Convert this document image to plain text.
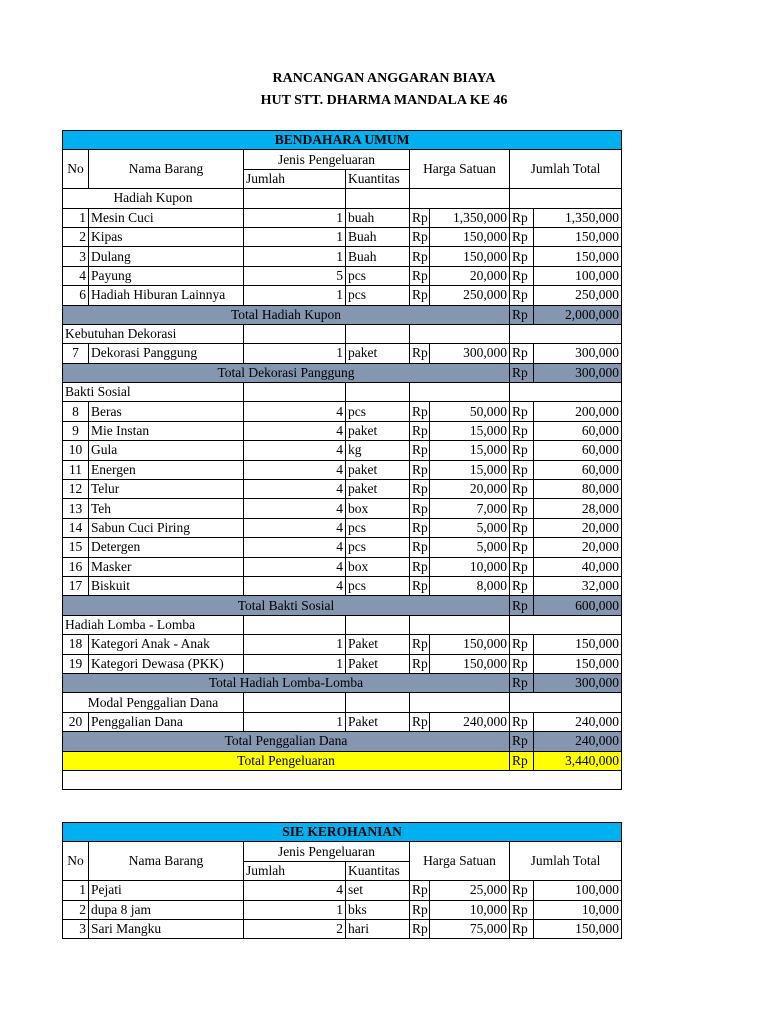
RANCANGAN ANGGARAN BIAYA
HUT STT. DHARMA MANDALA KE 46
BENDAHARA UMUM							
No	Nama Barang	Jenis Pengeluaran		Harga Satuan		Jumlah Total	
		Jumlah	Kuantitas				
Hadiah Kupon							
1	Mesin Cuci	1	buah	Rp	1,350,000	Rp	1,350,000
2	Kipas	1	Buah	Rp	150,000	Rp	150,000
3	Dulang	1	Buah	Rp	150,000	Rp	150,000
4	Payung	5	pcs	Rp	20,000	Rp	100,000
6	Hadiah Hiburan Lainnya	1	pcs	Rp	250,000	Rp	250,000
Total Hadiah Kupon						Rp	2,000,000
Kebutuhan Dekorasi							
7	Dekorasi Panggung	1	paket	Rp	300,000	Rp	300,000
Total Dekorasi Panggung						Rp	300,000
Bakti Sosial							
8	Beras	4	pcs	Rp	50,000	Rp	200,000
9	Mie Instan	4	paket	Rp	15,000	Rp	60,000
10	Gula	4	kg	Rp	15,000	Rp	60,000
11	Energen	4	paket	Rp	15,000	Rp	60,000
12	Telur	4	paket	Rp	20,000	Rp	80,000
13	Teh	4	box	Rp	7,000	Rp	28,000
14	Sabun Cuci Piring	4	pcs	Rp	5,000	Rp	20,000
15	Detergen	4	pcs	Rp	5,000	Rp	20,000
16	Masker	4	box	Rp	10,000	Rp	40,000
17	Biskuit	4	pcs	Rp	8,000	Rp	32,000
Total Bakti Sosial						Rp	600,000
Hadiah Lomba - Lomba							
18	Kategori Anak - Anak	1	Paket	Rp	150,000	Rp	150,000
19	Kategori Dewasa (PKK)	1	Paket	Rp	150,000	Rp	150,000
Total Hadiah Lomba-Lomba						Rp	300,000
Modal Penggalian Dana							
20	Penggalian Dana	1	Paket	Rp	240,000	Rp	240,000
Total Penggalian Dana						Rp	240,000
Total Pengeluaran						Rp	3,440,000

SIE KEROHANIAN							
No	Nama Barang	Jenis Pengeluaran		Harga Satuan		Jumlah Total	
		Jumlah	Kuantitas				
1	Pejati	4	set	Rp	25,000	Rp	100,000
2	dupa 8 jam	1	bks	Rp	10,000	Rp	10,000
3	Sari Mangku	2	hari	Rp	75,000	Rp	150,000
